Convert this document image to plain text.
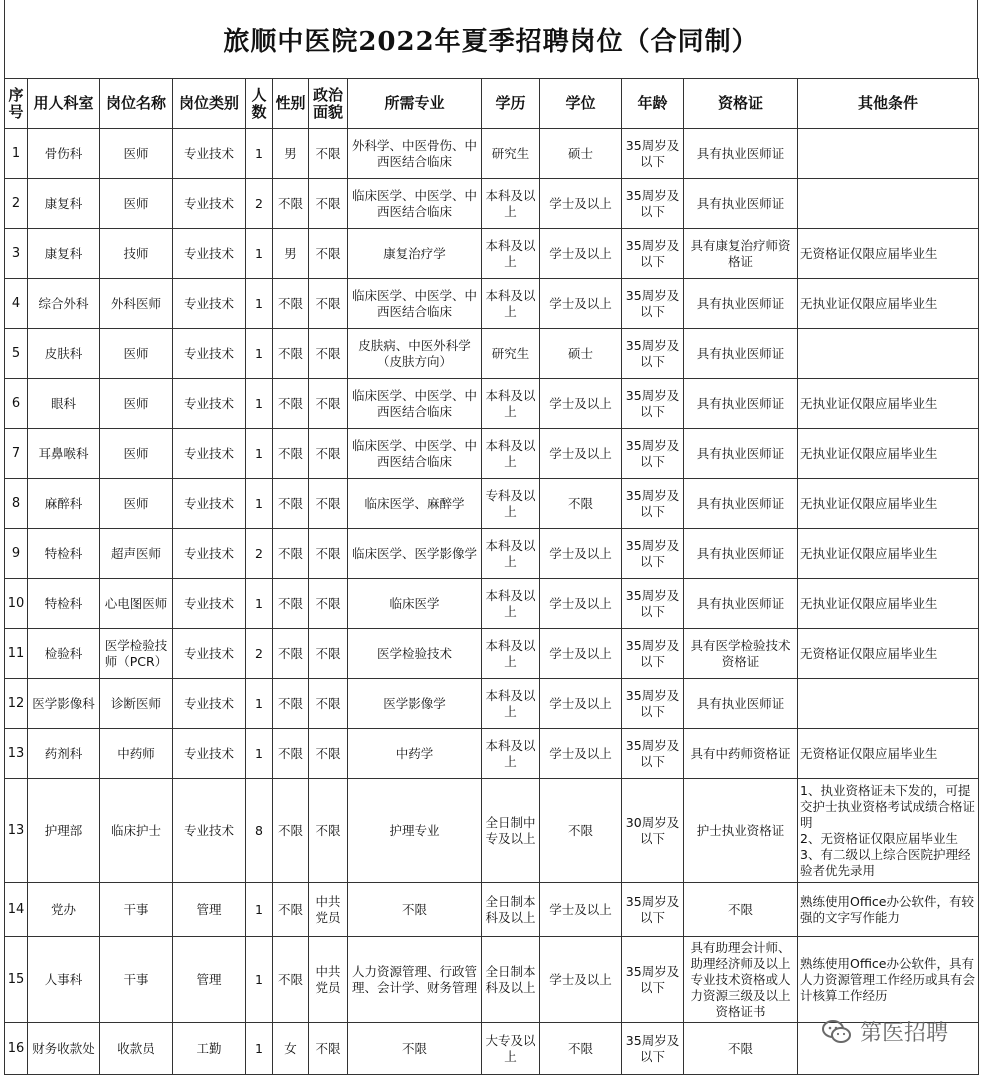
旅顺中医院2022年夏季招聘岗位（合同制）
序号	用人科室	岗位名称	岗位类别	人数	性别	政治面貌	所需专业	学历	学位	年龄	资格证	其他条件
1	骨伤科	医师	专业技术	1	男	不限	外科学、中医骨伤、中西医结合临床	研究生	硕士	35周岁及以下	具有执业医师证	
2	康复科	医师	专业技术	2	不限	不限	临床医学、中医学、中西医结合临床	本科及以上	学士及以上	35周岁及以下	具有执业医师证	
3	康复科	技师	专业技术	1	男	不限	康复治疗学	本科及以上	学士及以上	35周岁及以下	具有康复治疗师资格证	无资格证仅限应届毕业生
4	综合外科	外科医师	专业技术	1	不限	不限	临床医学、中医学、中西医结合临床	本科及以上	学士及以上	35周岁及以下	具有执业医师证	无执业证仅限应届毕业生
5	皮肤科	医师	专业技术	1	不限	不限	皮肤病、中医外科学（皮肤方向）	研究生	硕士	35周岁及以下	具有执业医师证	
6	眼科	医师	专业技术	1	不限	不限	临床医学、中医学、中西医结合临床	本科及以上	学士及以上	35周岁及以下	具有执业医师证	无执业证仅限应届毕业生
7	耳鼻喉科	医师	专业技术	1	不限	不限	临床医学、中医学、中西医结合临床	本科及以上	学士及以上	35周岁及以下	具有执业医师证	无执业证仅限应届毕业生
8	麻醉科	医师	专业技术	1	不限	不限	临床医学、麻醉学	专科及以上	不限	35周岁及以下	具有执业医师证	无执业证仅限应届毕业生
9	特检科	超声医师	专业技术	2	不限	不限	临床医学、医学影像学	本科及以上	学士及以上	35周岁及以下	具有执业医师证	无执业证仅限应届毕业生
10	特检科	心电图医师	专业技术	1	不限	不限	临床医学	本科及以上	学士及以上	35周岁及以下	具有执业医师证	无执业证仅限应届毕业生
11	检验科	医学检验技师（PCR）	专业技术	2	不限	不限	医学检验技术	本科及以上	学士及以上	35周岁及以下	具有医学检验技术资格证	无资格证仅限应届毕业生
12	医学影像科	诊断医师	专业技术	1	不限	不限	医学影像学	本科及以上	学士及以上	35周岁及以下	具有执业医师证	
13	药剂科	中药师	专业技术	1	不限	不限	中药学	本科及以上	学士及以上	35周岁及以下	具有中药师资格证	无资格证仅限应届毕业生
13	护理部	临床护士	专业技术	8	不限	不限	护理专业	全日制中专及以上	不限	30周岁及以下	护士执业资格证	1、执业资格证未下发的，可提交护士执业资格考试成绩合格证明
2、无资格证仅限应届毕业生
3、有二级以上综合医院护理经验者优先录用
14	党办	干事	管理	1	不限	中共党员	不限	全日制本科及以上	学士及以上	35周岁及以下	不限	熟练使用Office办公软件，有较强的文字写作能力
15	人事科	干事	管理	1	不限	中共党员	人力资源管理、行政管理、会计学、财务管理	全日制本科及以上	学士及以上	35周岁及以下	具有助理会计师、助理经济师及以上专业技术资格或人力资源三级及以上资格证书	熟练使用Office办公软件，具有人力资源管理工作经历或具有会计核算工作经历
16	财务收款处	收款员	工勤	1	女	不限	不限	大专及以上	不限	35周岁及以下	不限	
第医招聘
